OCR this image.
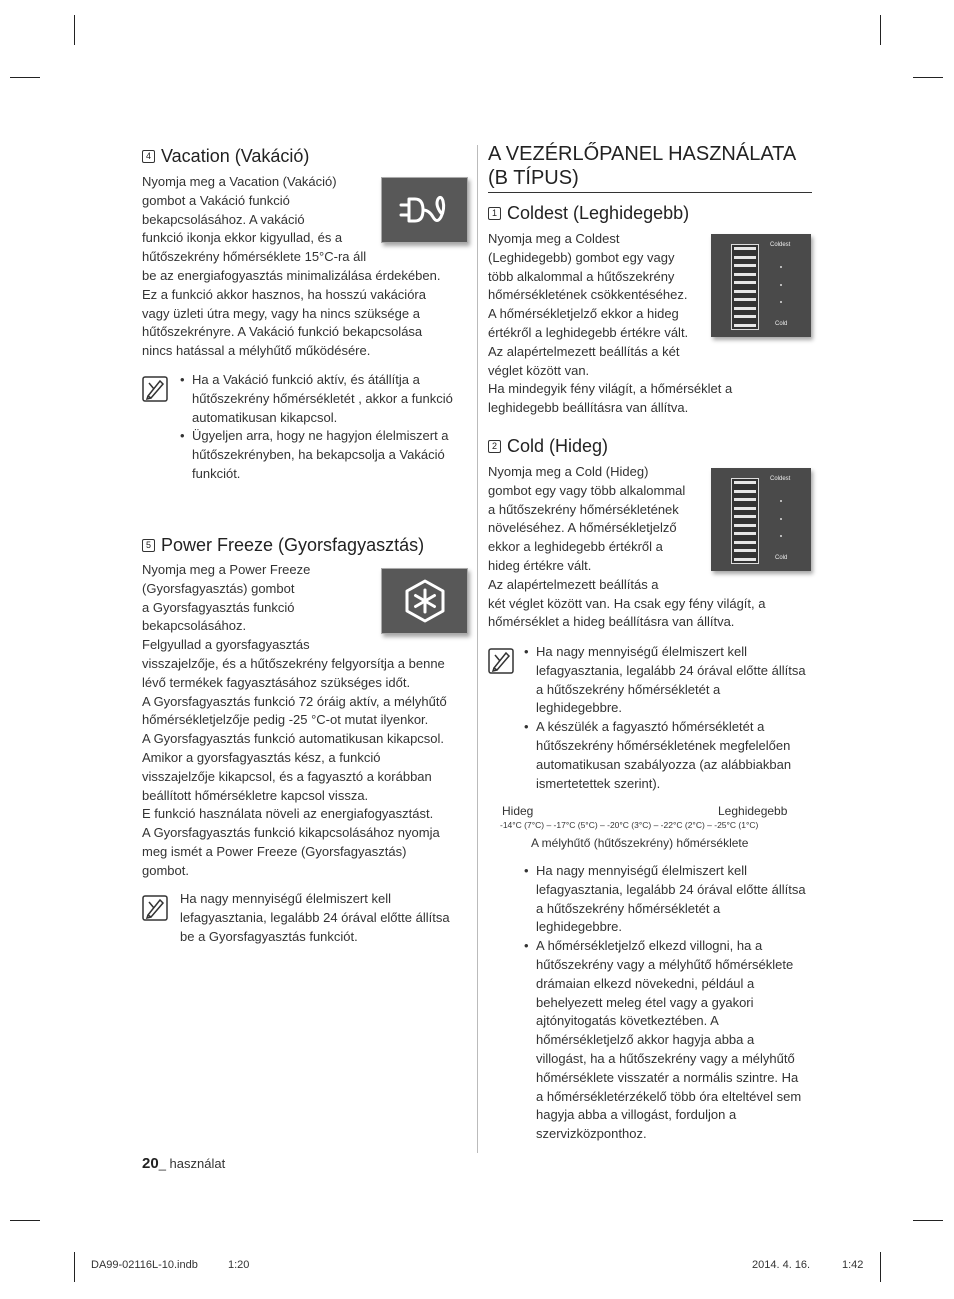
4 Vacation (Vakáció)

Nyomja meg a Vacation (Vakáció)

gombot a Vakáció funkció

bekapcsolásához. A vakáció

funkció ikonja ekkor kigyullad, és a

hűtőszekrény hőmérséklete 15°C-ra áll

be az energiafogyasztás minimalizálása érdekében.

Ez a funkció akkor hasznos, ha hosszú vakációra

vagy üzleti útra megy, vagy ha nincs szüksége a

hűtőszekrényre. A Vakáció funkció bekapcsolása

nincs hatással a mélyhűtő működésére.

• Ha a Vakáció funkció aktív, és átállítja a hűtőszekrény hőmérsékletét , akkor a funkció automatikusan kikapcsol.
• Ügyeljen arra, hogy ne hagyjon élelmiszert a hűtőszekrényben, ha bekapcsolja a Vakáció funkciót.
5 Power Freeze (Gyorsfagyasztás)

Nyomja meg a Power Freeze

(Gyorsfagyasztás) gombot

a Gyorsfagyasztás funkció

bekapcsolásához.

Felgyullad a gyorsfagyasztás

visszajelzője, és a hűtőszekrény felgyorsítja a benne

lévő termékek fagyasztásához szükséges időt.

A Gyorsfagyasztás funkció 72 óráig aktív, a mélyhűtő

hőmérsékletjelzője pedig -25 °C-ot mutat ilyenkor.

A Gyorsfagyasztás funkció automatikusan kikapcsol.

Amikor a gyorsfagyasztás kész, a funkció

visszajelzője kikapcsol, és a fagyasztó a korábban

beállított hőmérsékletre kapcsol vissza.

E funkció használata növeli az energiafogyasztást.

A Gyorsfagyasztás funkció kikapcsolásához nyomja

meg ismét a Power Freeze (Gyorsfagyasztás)

gombot.

Ha nagy mennyiségű élelmiszert kell lefagyasztania, legalább 24 órával előtte állítsa be a Gyorsfagyasztás funkciót.
A VEZÉRLŐPANEL HASZNÁLATA
(B TÍPUS)
1 Coldest (Leghidegebb)

Nyomja meg a Coldest

(Leghidegebb) gombot egy vagy

több alkalommal a hűtőszekrény

hőmérsékletének csökkentéséhez.

A hőmérsékletjelző ekkor a hideg

értékről a leghidegebb értékre vált.

Az alapértelmezett beállítás a két

véglet között van.

Ha mindegyik fény világít, a hőmérséklet a

leghidegebb beállításra van állítva.

Coldest
Cold
2 Cold (Hideg)

Nyomja meg a Cold (Hideg)

gombot egy vagy több alkalommal

a hűtőszekrény hőmérsékletének

növeléséhez. A hőmérsékletjelző

ekkor a leghidegebb értékről a

hideg értékre vált.

Az alapértelmezett beállítás a

két véglet között van. Ha csak egy fény világít, a

hőmérséklet a hideg beállításra van állítva.

Coldest
Cold
• Ha nagy mennyiségű élelmiszert kell lefagyasztania, legalább 24 órával előtte állítsa a hűtőszekrény hőmérsékletét a leghidegebbre.
• A készülék a fagyasztó hőmérsékletét a hűtőszekrény hőmérsékletének megfelelően automatikusan szabályozza (az alábbiakban ismertetettek szerint).
Hideg	Leghidegebb
-14°C (7°C) – -17°C (5°C) – -20°C (3°C) – -22°C (2°C) – -25°C (1°C)
A mélyhűtő (hűtőszekrény) hőmérséklete
• Ha nagy mennyiségű élelmiszert kell lefagyasztania, legalább 24 órával előtte állítsa a hűtőszekrény hőmérsékletét a leghidegebbre.
• A hőmérsékletjelző elkezd villogni, ha a hűtőszekrény vagy a mélyhűtő hőmérséklete drámaian elkezd növekedni, például a behelyezett meleg étel vagy a gyakori ajtónyitogatás következtében. A hőmérsékletjelző akkor hagyja abba a villogást, ha a hűtőszekrény vagy a mélyhűtő hőmérséklete visszatér a normális szintre. Ha a hőmérsékletérzékelő több óra elteltével sem hagyja abba a villogást, forduljon a szervizközponthoz.
20_ használat
DA99-02116L-10.indb	1:20	2014. 4. 16.	1:42
